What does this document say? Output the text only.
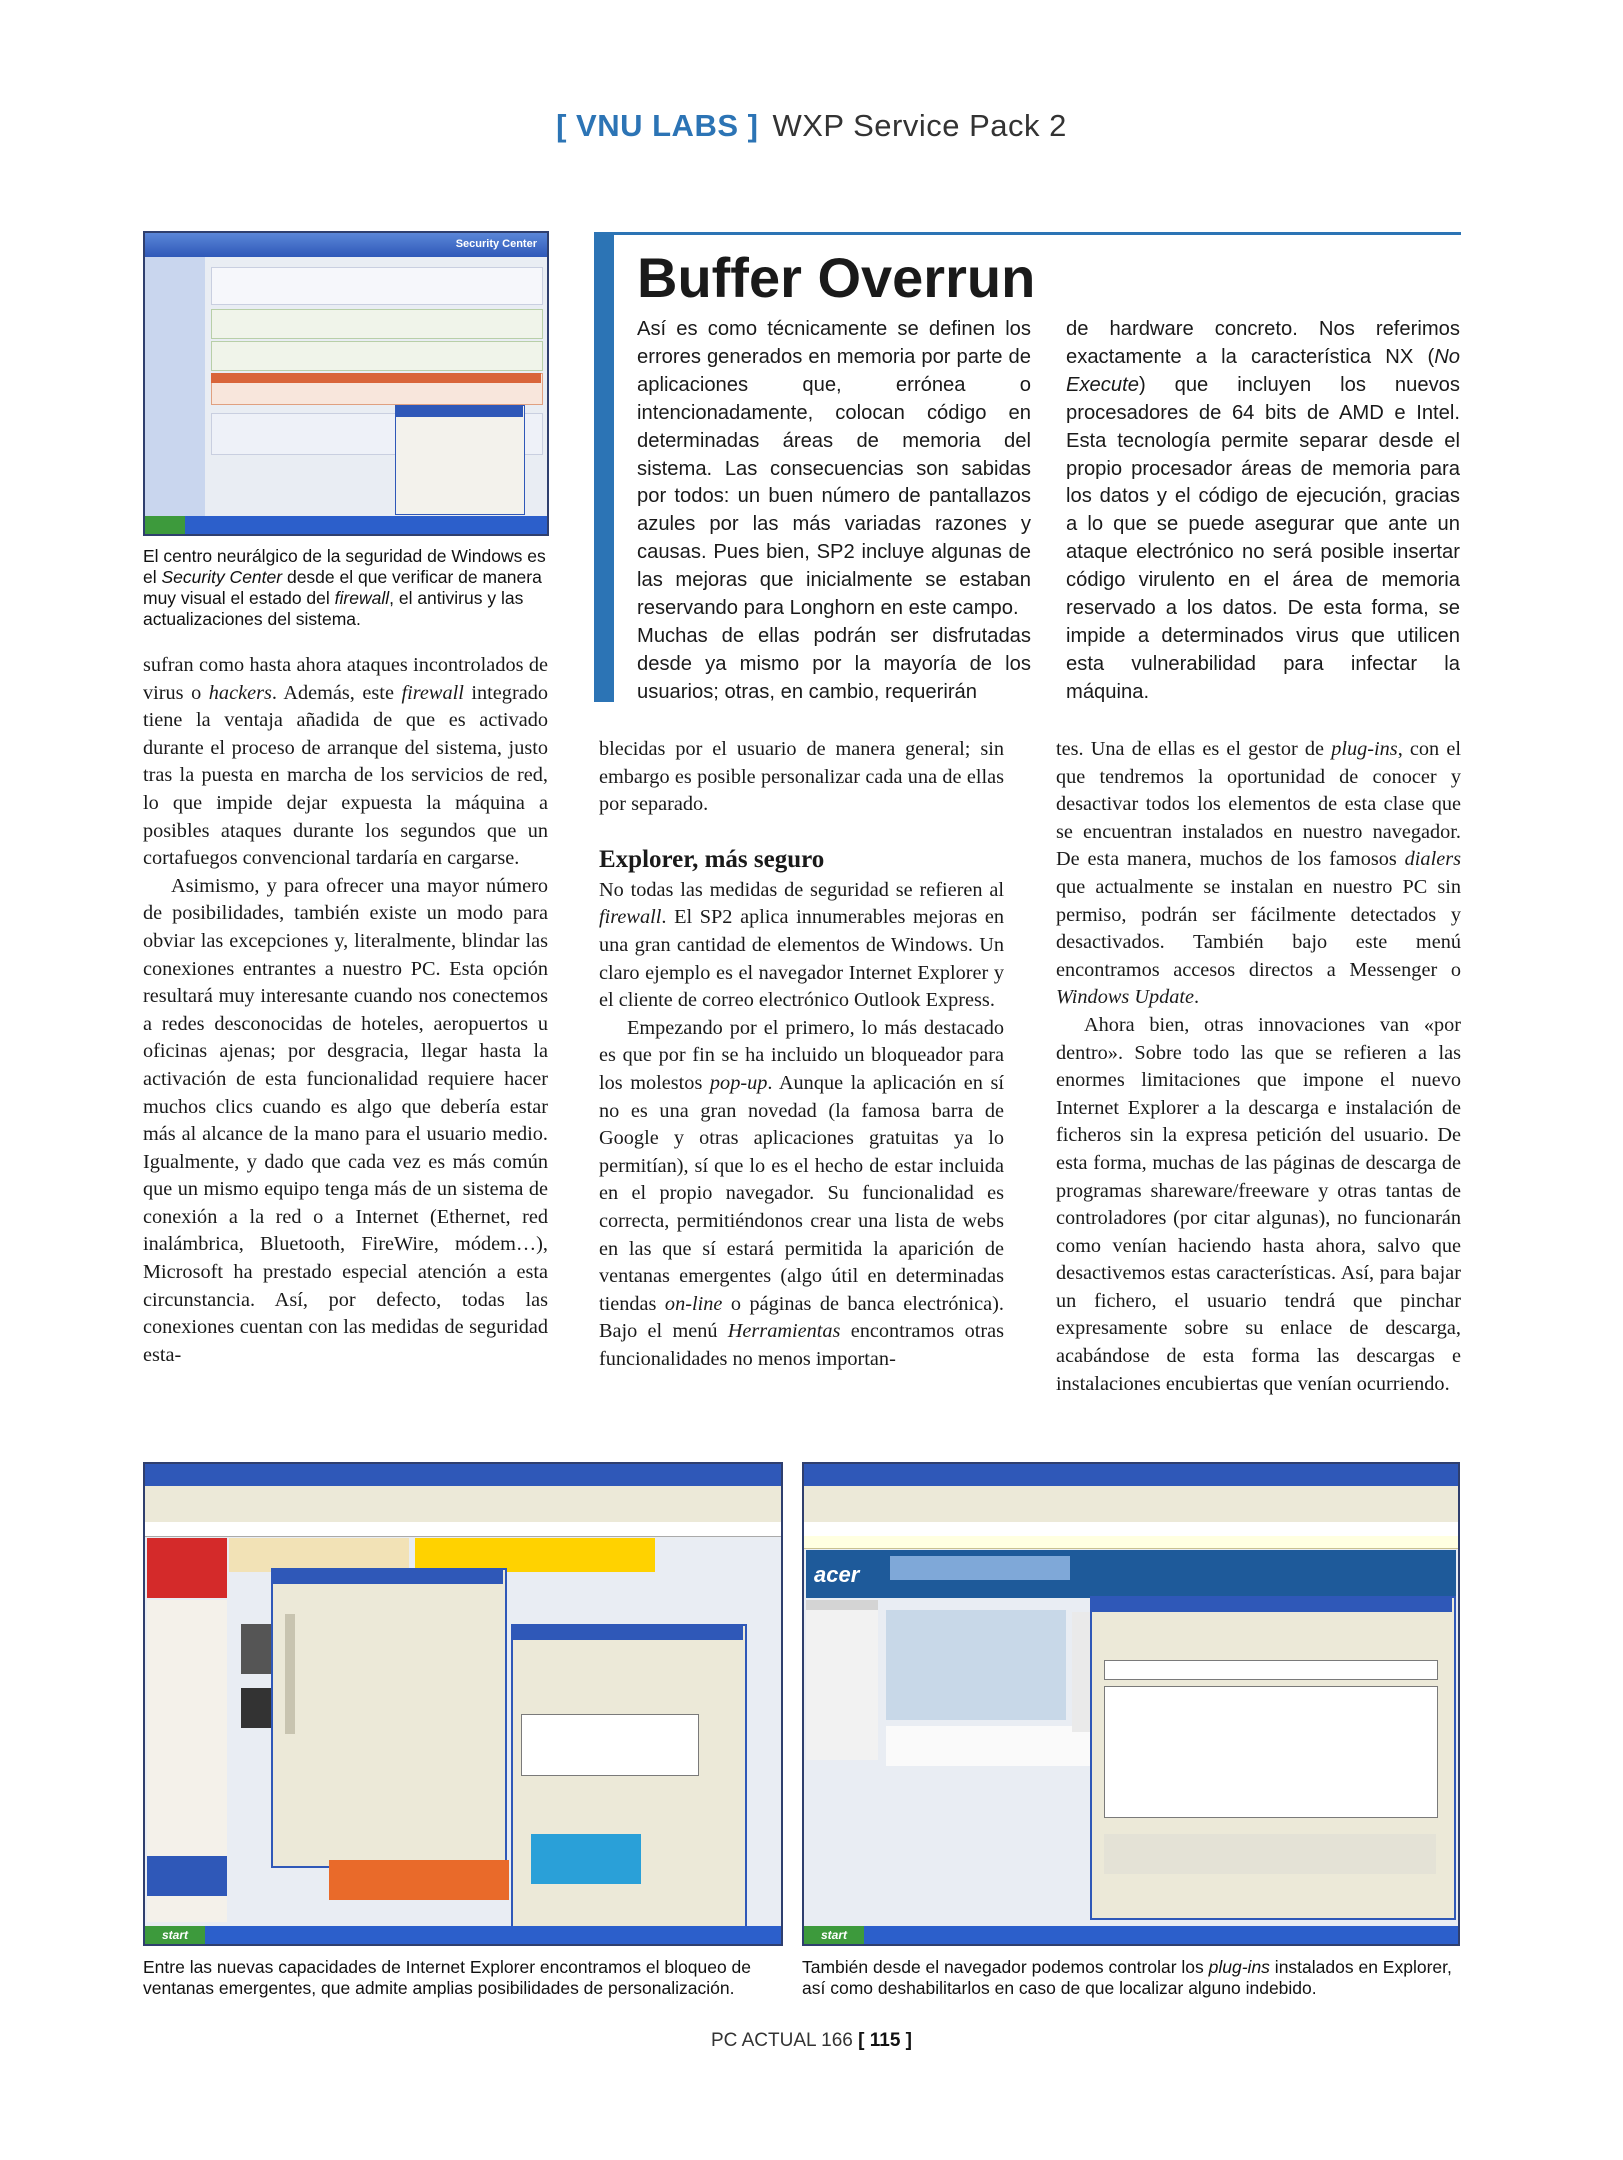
[ VNU LABS ] WXP Service Pack 2
Security Center
El centro neurálgico de la seguridad de Windows es el Security Center desde el que verificar de manera muy visual el estado del firewall, el antivirus y las actualizaciones del sistema.
Buffer Overrun

Así es como técnicamente se definen los errores generados en memoria por parte de aplicaciones que, errónea o intencionadamente, colocan código en determinadas áreas de memoria del sistema. Las consecuencias son sabidas por todos: un buen número de pantallazos azules por las más variadas razones y causas. Pues bien, SP2 incluye algunas de las mejoras que inicialmente se estaban reservando para Longhorn en este campo.

Muchas de ellas podrán ser disfrutadas desde ya mismo por la mayoría de los usuarios; otras, en cambio, requerirán

de hardware concreto. Nos referimos exactamente a la característica NX (No Execute) que incluyen los nuevos procesadores de 64 bits de AMD e Intel. Esta tecnología permite separar desde el propio procesador áreas de memoria para los datos y el código de ejecución, gracias a lo que se puede asegurar que ante un ataque electrónico no será posible insertar código virulento en el área de memoria reservado a los datos. De esta forma, se impide a determinados virus que utilicen esta vulnerabilidad para infectar la máquina.

sufran como hasta ahora ataques incontrolados de virus o hackers. Además, este firewall integrado tiene la ventaja añadida de que es activado durante el proceso de arranque del sistema, justo tras la puesta en marcha de los servicios de red, lo que impide dejar expuesta la máquina a posibles ataques durante los segundos que un cortafuegos convencional tardaría en cargarse.

Asimismo, y para ofrecer una mayor número de posibilidades, también existe un modo para obviar las excepciones y, literalmente, blindar las conexiones entrantes a nuestro PC. Esta opción resultará muy interesante cuando nos conectemos a redes desconocidas de hoteles, aeropuertos u oficinas ajenas; por desgracia, llegar hasta la activación de esta funcionalidad requiere hacer muchos clics cuando es algo que debería estar más al alcance de la mano para el usuario medio. Igualmente, y dado que cada vez es más común que un mismo equipo tenga más de un sistema de conexión a la red o a Internet (Ethernet, red inalámbrica, Bluetooth, FireWire, módem…), Microsoft ha prestado especial atención a esta circunstancia. Así, por defecto, todas las conexiones cuentan con las medidas de seguridad esta-

blecidas por el usuario de manera general; sin embargo es posible personalizar cada una de ellas por separado.

Explorer, más seguro

No todas las medidas de seguridad se refieren al firewall. El SP2 aplica innumerables mejoras en una gran cantidad de elementos de Windows. Un claro ejemplo es el navegador Internet Explorer y el cliente de correo electrónico Outlook Express.

Empezando por el primero, lo más destacado es que por fin se ha incluido un bloqueador para los molestos pop-up. Aunque la aplicación en sí no es una gran novedad (la famosa barra de Google y otras aplicaciones gratuitas ya lo permitían), sí que lo es el hecho de estar incluida en el propio navegador. Su funcionalidad es correcta, permitiéndonos crear una lista de webs en las que sí estará permitida la aparición de ventanas emergentes (algo útil en determinadas tiendas on-line o páginas de banca electrónica). Bajo el menú Herramientas encontramos otras funcionalidades no menos importan-

tes. Una de ellas es el gestor de plug-ins, con el que tendremos la oportunidad de conocer y desactivar todos los elementos de esta clase que se encuentran instalados en nuestro navegador. De esta manera, muchos de los famosos dialers que actualmente se instalan en nuestro PC sin permiso, podrán ser fácilmente detectados y desactivados. También bajo este menú encontramos accesos directos a Messenger o Windows Update.

Ahora bien, otras innovaciones van «por dentro». Sobre todo las que se refieren a las enormes limitaciones que impone el nuevo Internet Explorer a la descarga e instalación de ficheros sin la expresa petición del usuario. De esta forma, muchas de las páginas de descarga de programas shareware/freeware y otras tantas de controladores (por citar algunas), no funcionarán como venían haciendo hasta ahora, salvo que desactivemos estas características. Así, para bajar un fichero, el usuario tendrá que pinchar expresamente sobre su enlace de descarga, acabándose de esta forma las descargas e instalaciones encubiertas que venían ocurriendo.

start
Entre las nuevas capacidades de Internet Explorer encontramos el bloqueo de ventanas emergentes, que admite amplias posibilidades de personalización.
acer
start
También desde el navegador podemos controlar los plug-ins instalados en Explorer, así como deshabilitarlos en caso de que localizar alguno indebido.
PC ACTUAL 166 [ 115 ]
